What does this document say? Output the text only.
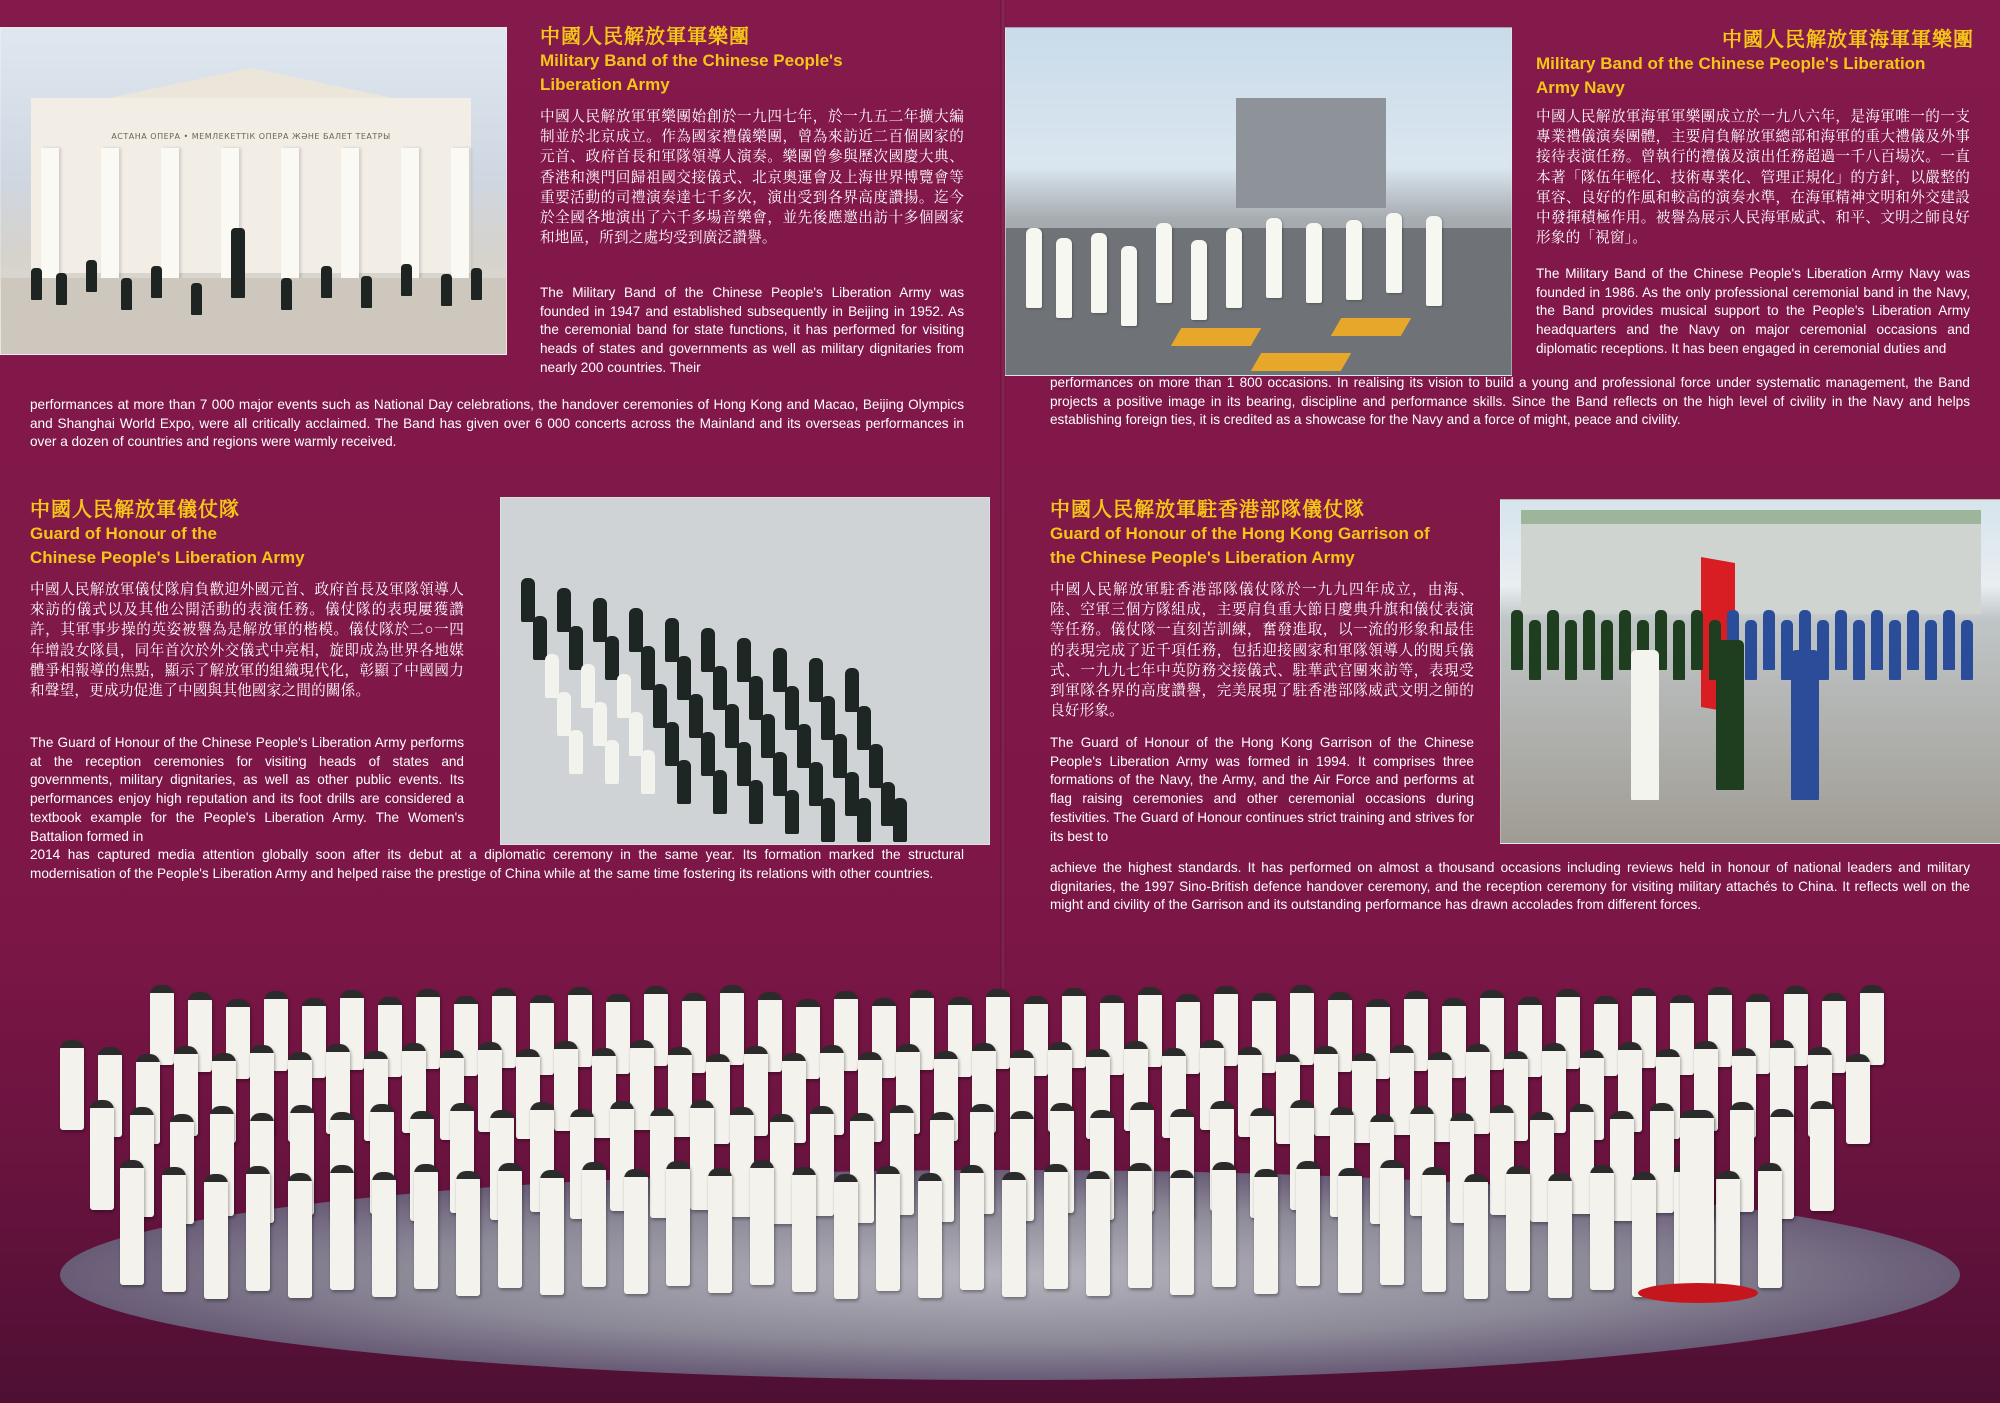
АСТАНА ОПЕРА • МЕМЛЕКЕТТІК ОПЕРА ЖӘНЕ БАЛЕТ ТЕАТРЫ
中國人民解放軍軍樂團
Military Band of the Chinese People's
Liberation Army
中國人民解放軍軍樂團始創於一九四七年，於一九五二年擴大編制並於北京成立。作為國家禮儀樂團，曾為來訪近二百個國家的元首、政府首長和軍隊領導人演奏。樂團曾參與歷次國慶大典、香港和澳門回歸祖國交接儀式、北京奧運會及上海世界博覽會等重要活動的司禮演奏達七千多次，演出受到各界高度讚揚。迄今於全國各地演出了六千多場音樂會，並先後應邀出訪十多個國家和地區，所到之處均受到廣泛讚譽。
The Military Band of the Chinese People's Liberation Army was founded in 1947 and established subsequently in Beijing in 1952. As the ceremonial band for state functions, it has performed for visiting heads of states and governments as well as military dignitaries from nearly 200 countries. Their
performances at more than 7 000 major events such as National Day celebrations, the handover ceremonies of Hong Kong and Macao, Beijing Olympics and Shanghai World Expo, were all critically acclaimed. The Band has given over 6 000 concerts across the Mainland and its overseas performances in over a dozen of countries and regions were warmly received.
中國人民解放軍海軍軍樂團
Military Band of the Chinese People's Liberation
Army Navy
中國人民解放軍海軍軍樂團成立於一九八六年，是海軍唯一的一支專業禮儀演奏團體，主要肩負解放軍總部和海軍的重大禮儀及外事接待表演任務。曾執行的禮儀及演出任務超過一千八百場次。一直本著「隊伍年輕化、技術專業化、管理正規化」的方針，以嚴整的軍容、良好的作風和較高的演奏水準，在海軍精神文明和外交建設中發揮積極作用。被譽為展示人民海軍威武、和平、文明之師良好形象的「視窗」。
The Military Band of the Chinese People's Liberation Army Navy was founded in 1986. As the only professional ceremonial band in the Navy, the Band provides musical support to the People's Liberation Army headquarters and the Navy on major ceremonial occasions and diplomatic receptions. It has been engaged in ceremonial duties and
performances on more than 1 800 occasions. In realising its vision to build a young and professional force under systematic management, the Band projects a positive image in its bearing, discipline and performance skills. Since the Band reflects on the high level of civility in the Navy and helps establishing foreign ties, it is credited as a showcase for the Navy and a force of might, peace and civility.
中國人民解放軍儀仗隊
Guard of Honour of the
Chinese People's Liberation Army
中國人民解放軍儀仗隊肩負歡迎外國元首、政府首長及軍隊領導人來訪的儀式以及其他公開活動的表演任務。儀仗隊的表現屢獲讚許，其軍事步操的英姿被譽為是解放軍的楷模。儀仗隊於二○一四年增設女隊員，同年首次於外交儀式中亮相，旋即成為世界各地媒體爭相報導的焦點，顯示了解放軍的組織現代化，彰顯了中國國力和聲望，更成功促進了中國與其他國家之間的關係。
The Guard of Honour of the Chinese People's Liberation Army performs at the reception ceremonies for visiting heads of states and governments, military dignitaries, as well as other public events. Its performances enjoy high reputation and its foot drills are considered a textbook example for the People's Liberation Army. The Women's Battalion formed in
2014 has captured media attention globally soon after its debut at a diplomatic ceremony in the same year. Its formation marked the structural modernisation of the People's Liberation Army and helped raise the prestige of China while at the same time fostering its relations with other countries.
中國人民解放軍駐香港部隊儀仗隊
Guard of Honour of the Hong Kong Garrison of
the Chinese People's Liberation Army
中國人民解放軍駐香港部隊儀仗隊於一九九四年成立，由海、陸、空軍三個方隊組成，主要肩負重大節日慶典升旗和儀仗表演等任務。儀仗隊一直刻苦訓練，奮發進取，以一流的形象和最佳的表現完成了近千項任務，包括迎接國家和軍隊領導人的閱兵儀式、一九九七年中英防務交接儀式、駐華武官團來訪等，表現受到軍隊各界的高度讚譽，完美展現了駐香港部隊威武文明之師的良好形象。
The Guard of Honour of the Hong Kong Garrison of the Chinese People's Liberation Army was formed in 1994. It comprises three formations of the Navy, the Army, and the Air Force and performs at flag raising ceremonies and other ceremonial occasions during festivities. The Guard of Honour continues strict training and strives for its best to
achieve the highest standards. It has performed on almost a thousand occasions including reviews held in honour of national leaders and military dignitaries, the 1997 Sino-British defence handover ceremony, and the reception ceremony for visiting military attachés to China. It reflects well on the might and civility of the Garrison and its outstanding performance has drawn accolades from different forces.
